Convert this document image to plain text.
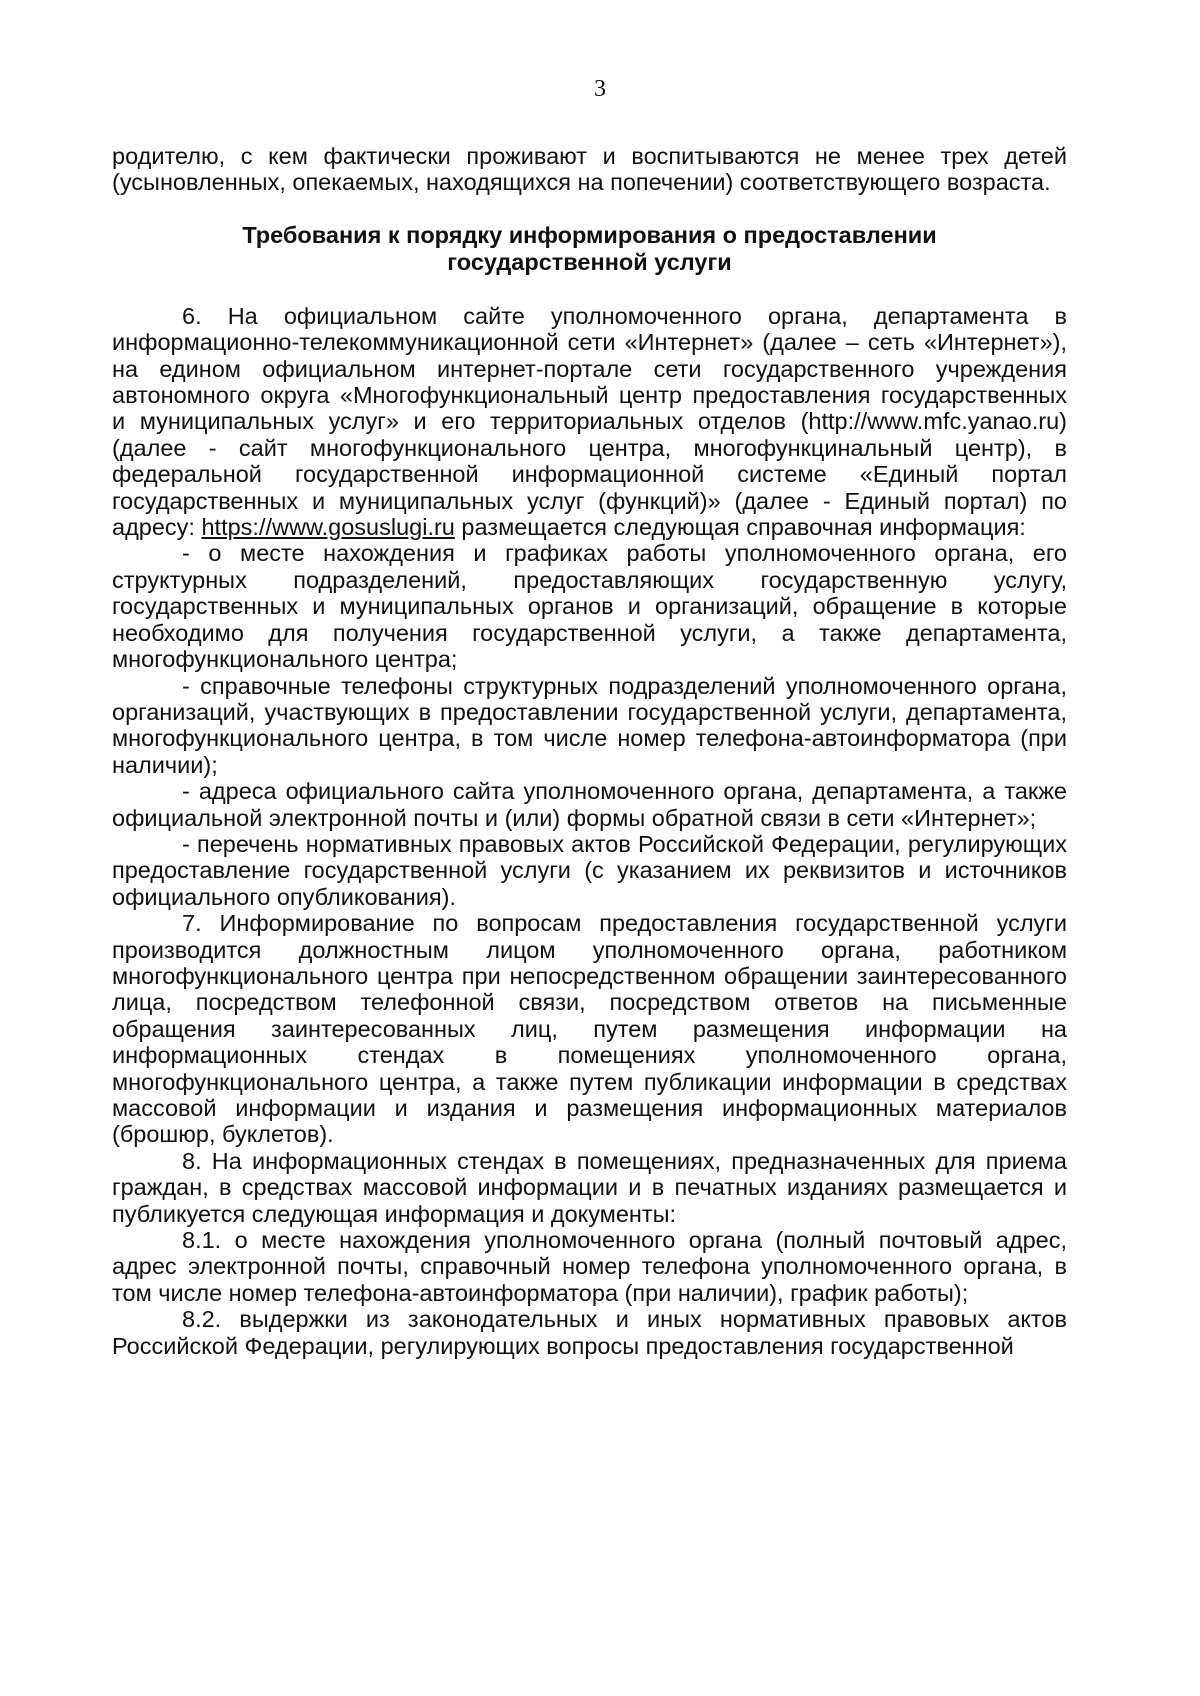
3

родителю, с кем фактически проживают и воспитываются не менее трех детей (усыновленных, опекаемых, находящихся на попечении) соответствующего возраста.

Требования к порядку информирования о предоставлении
государственной услуги

6. На официальном сайте уполномоченного органа, департамента в информационно-телекоммуникационной сети «Интернет» (далее – сеть «Интернет»), на едином официальном интернет-портале сети государственного учреждения автономного округа «Многофункциональный центр предоставления государственных и муниципальных услуг» и его территориальных отделов (http://www.mfc.yanao.ru) (далее - сайт многофункционального центра, многофункцинальный центр), в федеральной государственной информационной системе «Единый портал государственных и муниципальных услуг (функций)» (далее - Единый портал) по адресу: https://www.gosuslugi.ru размещается следующая справочная информация:

- о месте нахождения и графиках работы уполномоченного органа, его структурных подразделений, предоставляющих государственную услугу, государственных и муниципальных органов и организаций, обращение в которые необходимо для получения государственной услуги, а также департамента, многофункционального центра;

- справочные телефоны структурных подразделений уполномоченного органа, организаций, участвующих в предоставлении государственной услуги, департамента, многофункционального центра, в том числе номер телефона-автоинформатора (при наличии);

- адреса официального сайта уполномоченного органа, департамента, а также официальной электронной почты и (или) формы обратной связи в сети «Интернет»;

- перечень нормативных правовых актов Российской Федерации, регулирующих предоставление государственной услуги (с указанием их реквизитов и источников официального опубликования).

7. Информирование по вопросам предоставления государственной услуги производится должностным лицом уполномоченного органа, работником многофункционального центра при непосредственном обращении заинтересованного лица, посредством телефонной связи, посредством ответов на письменные обращения заинтересованных лиц, путем размещения информации на информационных стендах в помещениях уполномоченного органа, многофункционального центра, а также путем публикации информации в средствах массовой информации и издания и размещения информационных материалов (брошюр, буклетов).

8. На информационных стендах в помещениях, предназначенных для приема граждан, в средствах массовой информации и в печатных изданиях размещается и публикуется следующая информация и документы:

8.1. о месте нахождения уполномоченного органа (полный почтовый адрес, адрес электронной почты, справочный номер телефона уполномоченного органа, в том числе номер телефона-автоинформатора (при наличии), график работы);

8.2. выдержки из законодательных и иных нормативных правовых актов Российской Федерации, регулирующих вопросы предоставления государственной
